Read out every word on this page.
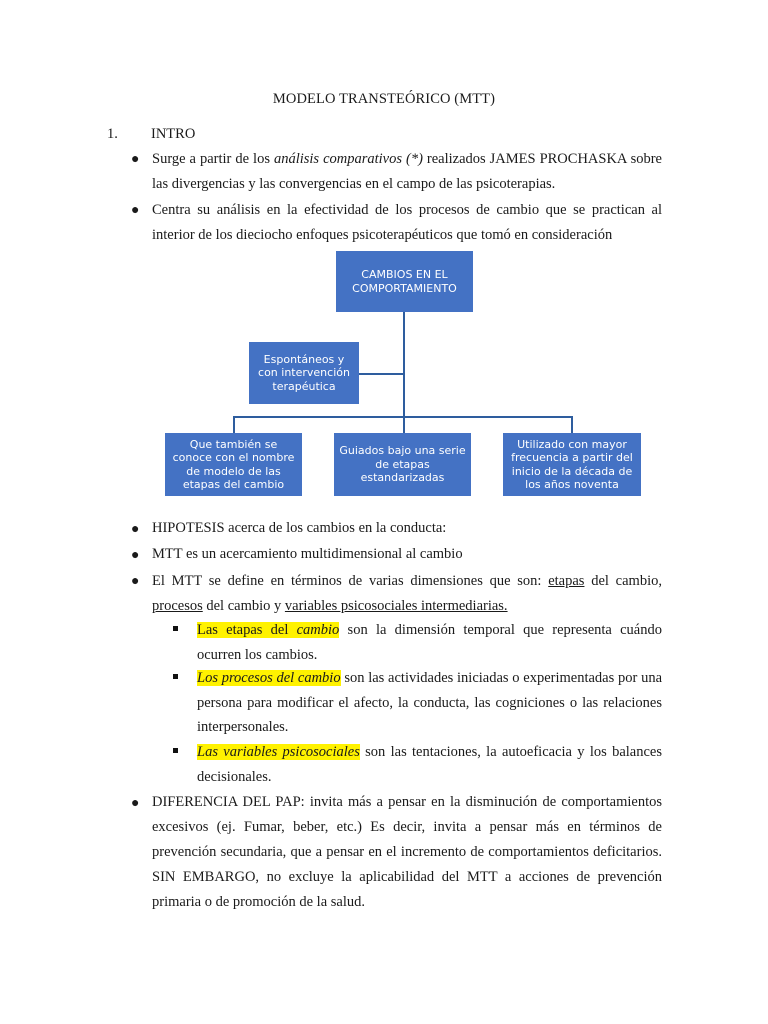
MODELO TRANSTEÓRICO (MTT)
1. INTRO
● Surge a partir de los análisis comparativos (*) realizados JAMES PROCHASKA sobre las divergencias y las convergencias en el campo de las psicoterapias.
● Centra su análisis en la efectividad de los procesos de cambio que se practican al interior de los dieciocho enfoques psicoterapéuticos que tomó en consideración
CAMBIOS EN EL COMPORTAMIENTO
Espontáneos y con intervención terapéutica
Que también se conoce con el nombre de modelo de las etapas del cambio
Guiados bajo una serie de etapas estandarizadas
Utilizado con mayor frecuencia a partir del inicio de la década de los años noventa
● HIPOTESIS acerca de los cambios en la conducta:
● MTT es un acercamiento multidimensional al cambio
● El MTT se define en términos de varias dimensiones que son: etapas del cambio, procesos del cambio y variables psicosociales intermediarias.
Las etapas del cambio son la dimensión temporal que representa cuándo ocurren los cambios.
Los procesos del cambio son las actividades iniciadas o experimentadas por una persona para modificar el afecto, la conducta, las cogniciones o las relaciones interpersonales.
Las variables psicosociales son las tentaciones, la autoeficacia y los balances decisionales.
● DIFERENCIA DEL PAP: invita más a pensar en la disminución de comportamientos excesivos (ej. Fumar, beber, etc.) Es decir, invita a pensar más en términos de prevención secundaria, que a pensar en el incremento de comportamientos deficitarios. SIN EMBARGO, no excluye la aplicabilidad del MTT a acciones de prevención primaria o de promoción de la salud.
